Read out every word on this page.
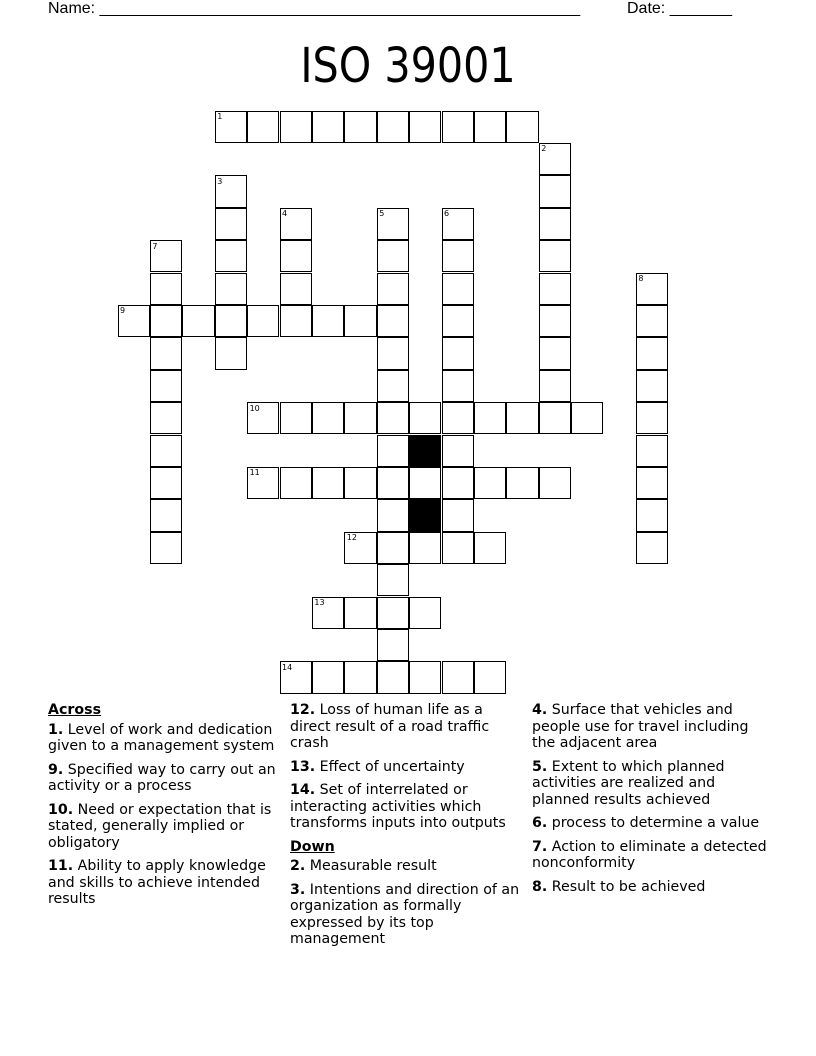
Name: ______________________________________________________	Date: _______
ISO 39001
1
2
3
4	5	6
7
8
9
10
11
12
13
14
Across
1. Level of work and dedication given to a management system
9. Specified way to carry out an activity or a process
10. Need or expectation that is stated, generally implied or obligatory
11. Ability to apply knowledge and skills to achieve intended results
12. Loss of human life as a direct result of a road traffic crash
13. Effect of uncertainty
14. Set of interrelated or interacting activities which transforms inputs into outputs
Down
2. Measurable result
3. Intentions and direction of an organization as formally expressed by its top management
4. Surface that vehicles and people use for travel including the adjacent area
5. Extent to which planned activities are realized and planned results achieved
6. process to determine a value
7. Action to eliminate a detected nonconformity
8. Result to be achieved
